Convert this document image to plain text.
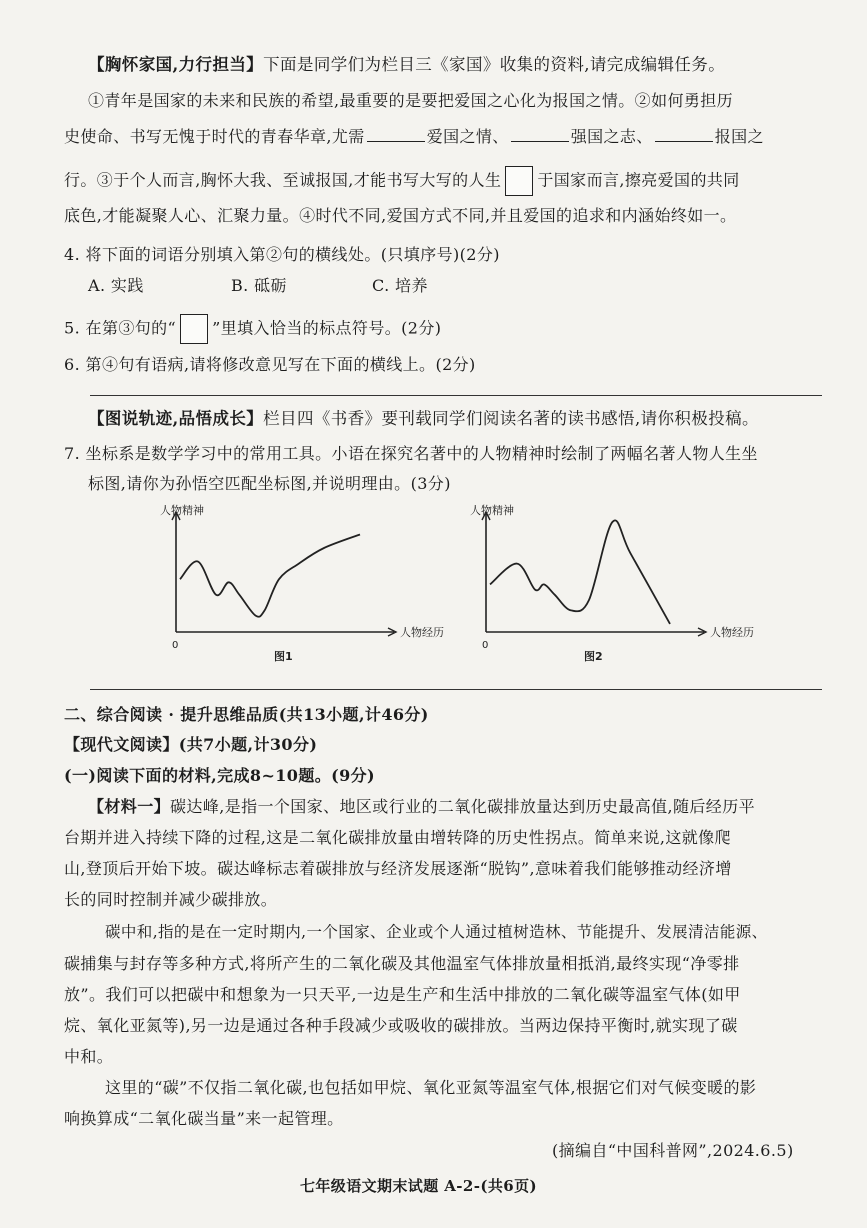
【胸怀家国,力行担当】下面是同学们为栏目三《家国》收集的资料,请完成编辑任务。
①青年是国家的未来和民族的希望,最重要的是要把爱国之心化为报国之情。②如何勇担历
史使命、书写无愧于时代的青春华章,尤需	爱国之情、	强国之志、	报国之
行。③于个人而言,胸怀大我、至诚报国,才能书写大写的人生 于国家而言,擦亮爱国的共同
底色,才能凝聚人心、汇聚力量。④时代不同,爱国方式不同,并且爱国的追求和内涵始终如一。
4. 将下面的词语分别填入第②句的横线处。(只填序号)(2分)
A. 实践	B. 砥砺	C. 培养
5. 在第③句的“ ”里填入恰当的标点符号。(2分)
6. 第④句有语病,请将修改意见写在下面的横线上。(2分)
【图说轨迹,品悟成长】栏目四《书香》要刊载同学们阅读名著的读书感悟,请你积极投稿。
7. 坐标系是数学学习中的常用工具。小语在探究名著中的人物精神时绘制了两幅名著人物人生坐
标图,请你为孙悟空匹配坐标图,并说明理由。(3分)
人物精神
人物经历
0
图1
人物精神
人物经历
0
图2
二、综合阅读 · 提升思维品质(共13小题,计46分)
【现代文阅读】(共7小题,计30分)
(一)阅读下面的材料,完成8~10题。(9分)
【材料一】碳达峰,是指一个国家、地区或行业的二氧化碳排放量达到历史最高值,随后经历平
台期并进入持续下降的过程,这是二氧化碳排放量由增转降的历史性拐点。简单来说,这就像爬
山,登顶后开始下坡。碳达峰标志着碳排放与经济发展逐渐“脱钩”,意味着我们能够推动经济增
长的同时控制并减少碳排放。
碳中和,指的是在一定时期内,一个国家、企业或个人通过植树造林、节能提升、发展清洁能源、
碳捕集与封存等多种方式,将所产生的二氧化碳及其他温室气体排放量相抵消,最终实现“净零排
放”。我们可以把碳中和想象为一只天平,一边是生产和生活中排放的二氧化碳等温室气体(如甲
烷、氧化亚氮等),另一边是通过各种手段减少或吸收的碳排放。当两边保持平衡时,就实现了碳
中和。
这里的“碳”不仅指二氧化碳,也包括如甲烷、氧化亚氮等温室气体,根据它们对气候变暖的影
响换算成“二氧化碳当量”来一起管理。
(摘编自“中国科普网”,2024.6.5)
七年级语文期末试题 A-2-(共6页)
